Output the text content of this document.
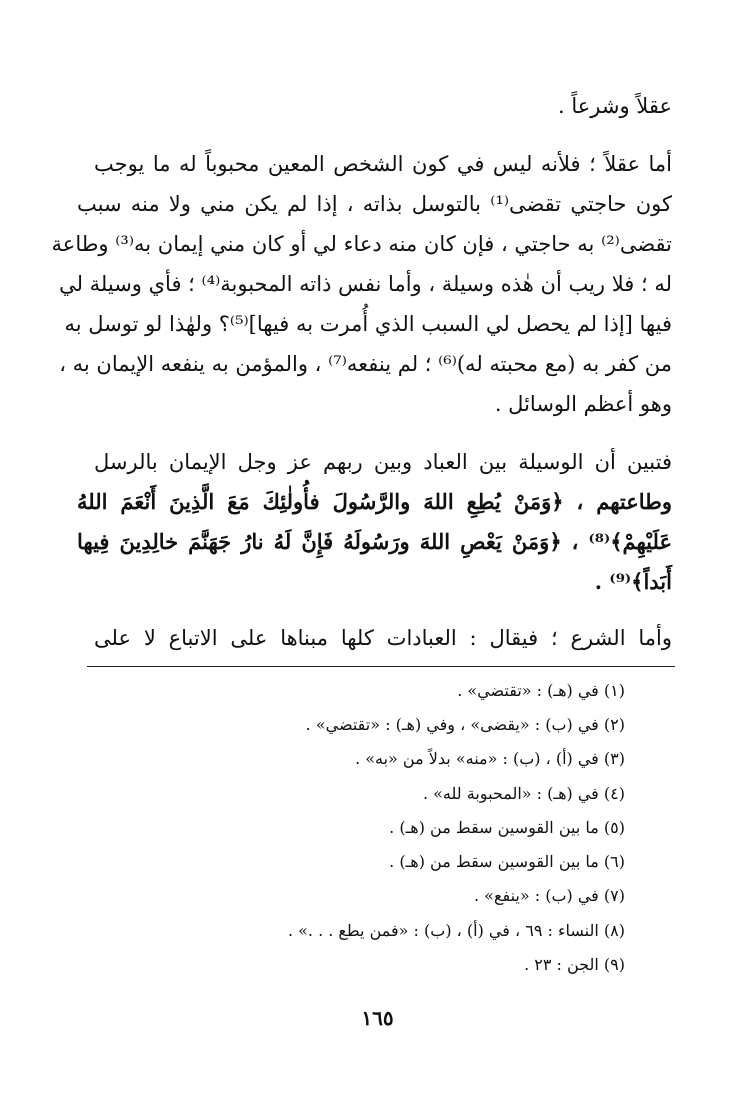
عقلاً وشرعاً .
أما عقلاً ؛ فلأنه ليس في كون الشخص المعين محبوباً له ما يوجب
كون حاجتي تقضى⁽¹⁾ بالتوسل بذاته ، إذا لم يكن مني ولا منه سبب
تقضى⁽²⁾ به حاجتي ، فإن كان منه دعاء لي أو كان مني إيمان به⁽³⁾ وطاعة
له ؛ فلا ريب أن هٰذه وسيلة ، وأما نفس ذاته المحبوبة⁽⁴⁾ ؛ فأي وسيلة لي
فيها [إذا لم يحصل لي السبب الذي أُمرت به فيها]⁽⁵⁾؟ ولهٰذا لو توسل به
من كفر به (مع محبته له)⁽⁶⁾ ؛ لم ينفعه⁽⁷⁾ ، والمؤمن به ينفعه الإيمان به ،
وهو أعظم الوسائل .
فتبين أن الوسيلة بين العباد وبين ربهم عز وجل الإيمان بالرسل
وطاعتهم ، ﴿وَمَنْ يُطِعِ اللهَ والرَّسُولَ فأُولٰئِكَ مَعَ الَّذِينَ أَنْعَمَ اللهُ
عَلَيْهِمْ﴾⁽⁸⁾ ، ﴿وَمَنْ يَعْصِ اللهَ ورَسُولَهُ فَإِنَّ لَهُ نارُ جَهَنَّمَ خالِدِينَ فِيها
أَبَداً﴾⁽⁹⁾ .
وأما الشرع ؛ فيقال : العبادات كلها مبناها على الاتباع لا على
(١) في (هـ) : «تقتضي» .
(٢) في (ب) : «يقضى» ، وفي (هـ) : «تقتضي» .
(٣) في (أ) ، (ب) : «منه» بدلاً من «به» .
(٤) في (هـ) : «المحبوبة لله» .
(٥) ما بين القوسين سقط من (هـ) .
(٦) ما بين القوسين سقط من (هـ) .
(٧) في (ب) : «ينفع» .
(٨) النساء : ٦٩ ، في (أ) ، (ب) : «فمن يطع . . .» .
(٩) الجن : ٢٣ .
١٦٥
